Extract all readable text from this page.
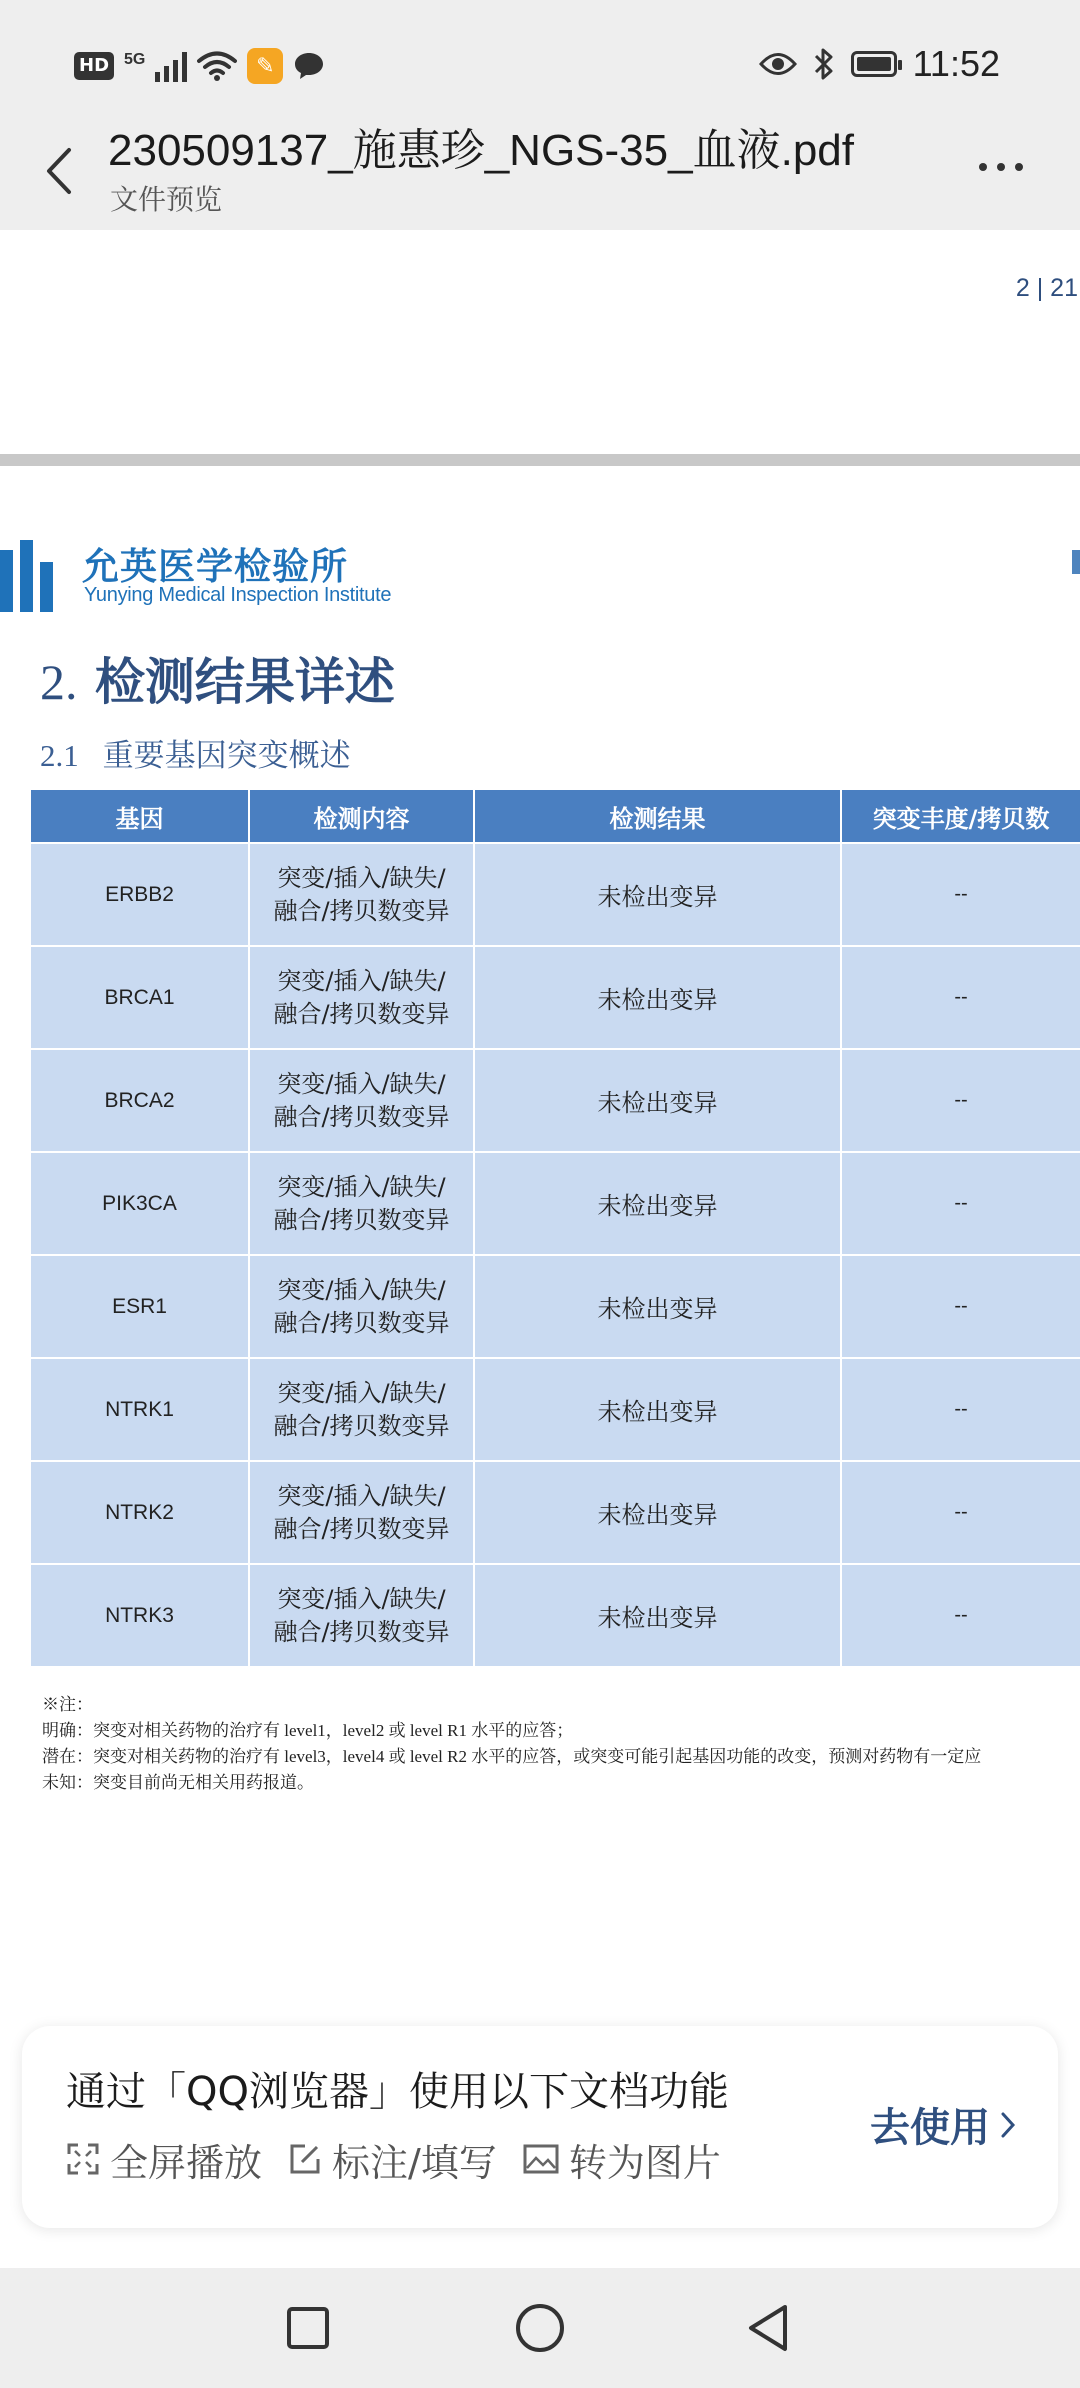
HD 5G	✎	11:52
230509137_施惠珍_NGS-35_血液.pdf
文件预览
2 | 21
允英医学检验所
Yunying Medical Inspection Institute
2. 检测结果详述
2.1 重要基因突变概述
基因	检测内容	检测结果	突变丰度/拷贝数
ERBB2	突变/插入/缺失/
融合/拷贝数变异	未检出变异	--
BRCA1	突变/插入/缺失/
融合/拷贝数变异	未检出变异	--
BRCA2	突变/插入/缺失/
融合/拷贝数变异	未检出变异	--
PIK3CA	突变/插入/缺失/
融合/拷贝数变异	未检出变异	--
ESR1	突变/插入/缺失/
融合/拷贝数变异	未检出变异	--
NTRK1	突变/插入/缺失/
融合/拷贝数变异	未检出变异	--
NTRK2	突变/插入/缺失/
融合/拷贝数变异	未检出变异	--
NTRK3	突变/插入/缺失/
融合/拷贝数变异	未检出变异	--
※注：
明确：突变对相关药物的治疗有 level1，level2 或 level R1 水平的应答；
潜在：突变对相关药物的治疗有 level3，level4 或 level R2 水平的应答，或突变可能引起基因功能的改变，预测对药物有一定应
未知：突变目前尚无相关用药报道。
通过「QQ浏览器」使用以下文档功能
全屏播放 标注/填写 转为图片
去使用
